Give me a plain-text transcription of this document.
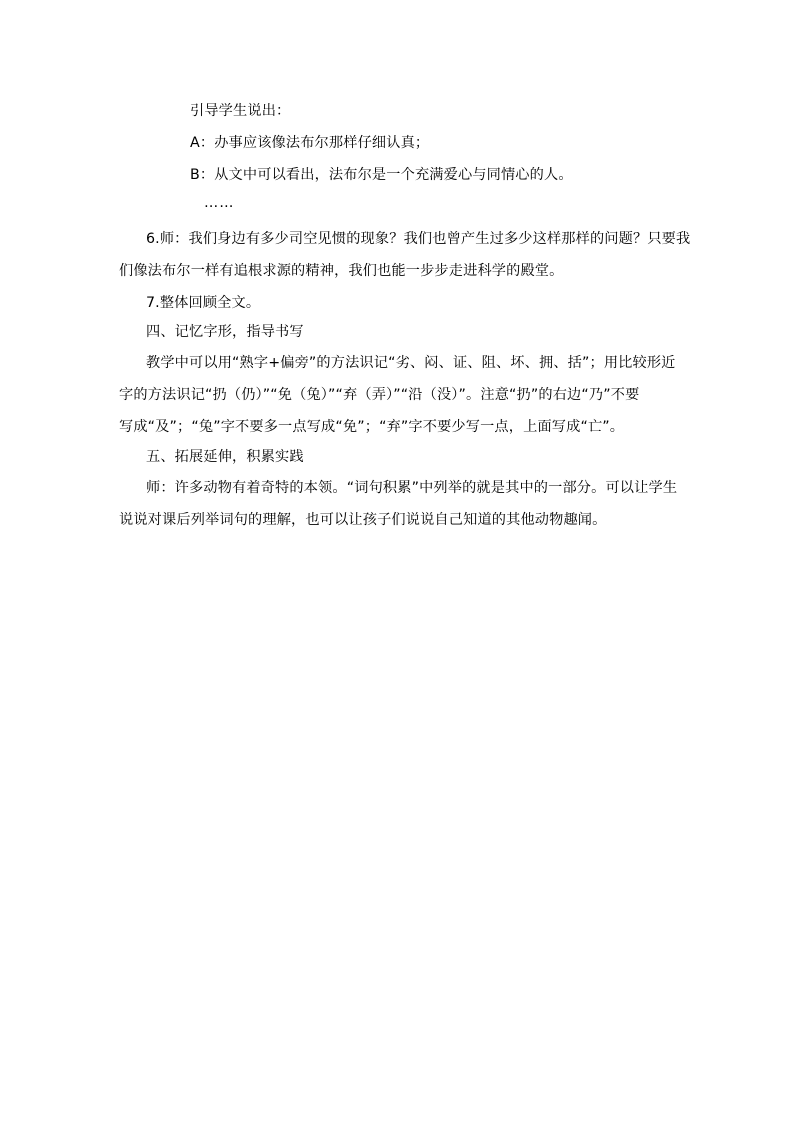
引导学生说出：
A：办事应该像法布尔那样仔细认真；
B：从文中可以看出，法布尔是一个充满爱心与同情心的人。
……
6.师：我们身边有多少司空见惯的现象？我们也曾产生过多少这样那样的问题？只要我
们像法布尔一样有追根求源的精神，我们也能一步步走进科学的殿堂。
7.整体回顾全文。
四、记忆字形，指导书写
教学中可以用“熟字+偏旁”的方法识记“劣、闷、证、阻、坏、拥、括”；用比较形近
字的方法识记“扔（仍）”“免（兔）”“弃（弄）”“沿（没）”。注意“扔”的右边“乃”不要
写成“及”；“兔”字不要多一点写成“免”；“弃”字不要少写一点，上面写成“亡”。
五、拓展延伸，积累实践
师：许多动物有着奇特的本领。“词句积累”中列举的就是其中的一部分。可以让学生
说说对课后列举词句的理解，也可以让孩子们说说自己知道的其他动物趣闻。
